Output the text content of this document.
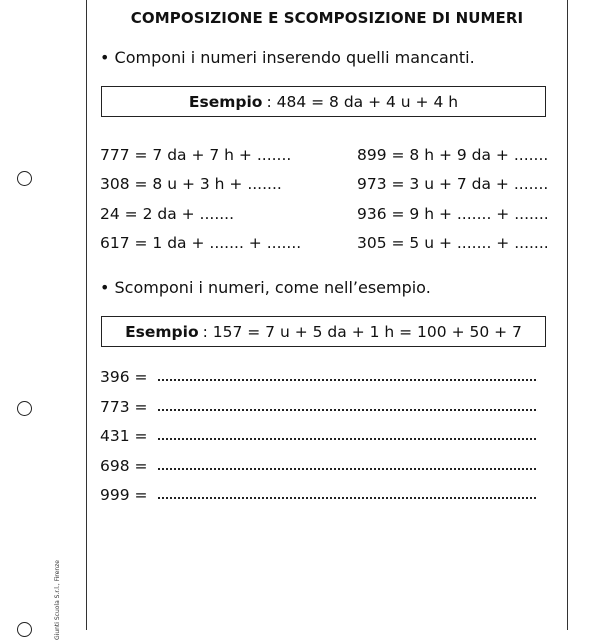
Giunti Scuola S.r.l., Firenze
COMPOSIZIONE E SCOMPOSIZIONE DI NUMERI
• Componi i numeri inserendo quelli mancanti.
Esempio : 484 = 8 da + 4 u + 4 h
777 = 7 da + 7 h + .......
308 = 8 u + 3 h + .......
24 = 2 da + .......
617 = 1 da + ....... + .......
899 = 8 h + 9 da + .......
973 = 3 u + 7 da + .......
936 = 9 h + ....... + .......
305 = 5 u + ....... + .......
• Scomponi i numeri, come nell’esempio.
Esempio : 157 = 7 u + 5 da + 1 h = 100 + 50 + 7
396 =
773 =
431 =
698 =
999 =
